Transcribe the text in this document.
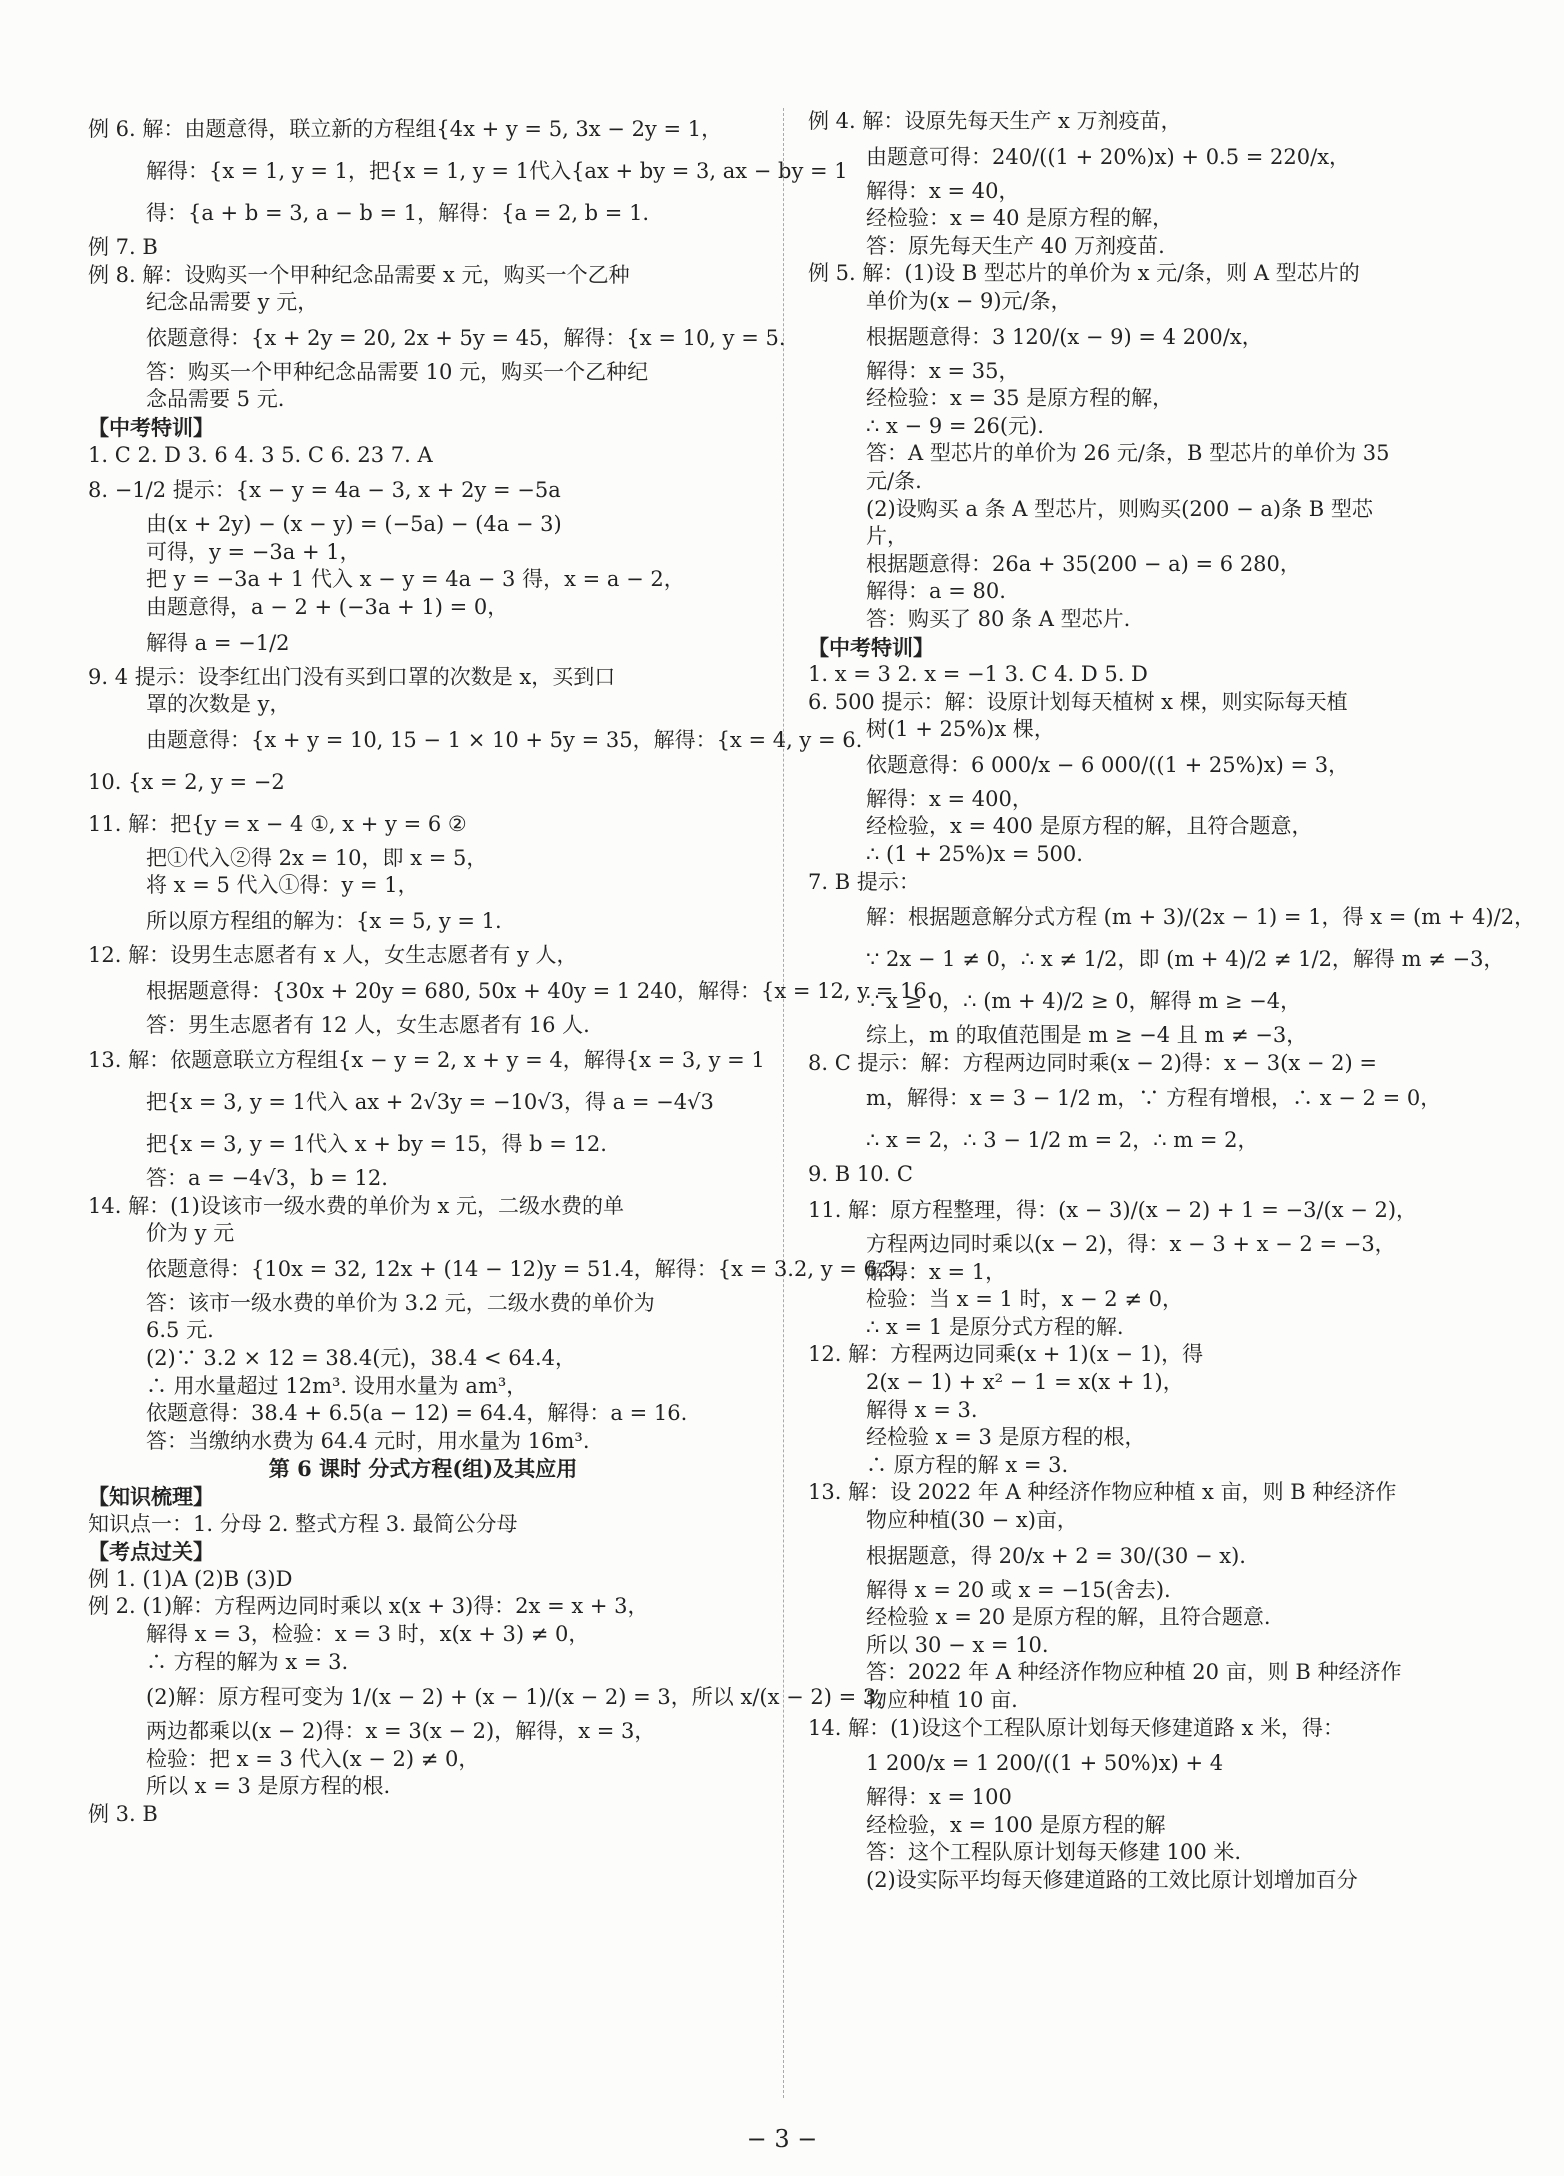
例 6. 解：由题意得，联立新的方程组{4x + y = 5, 3x − 2y = 1，
解得：{x = 1, y = 1，把{x = 1, y = 1代入{ax + by = 3, ax − by = 1
得：{a + b = 3, a − b = 1，解得：{a = 2, b = 1.
例 7. B
例 8. 解：设购买一个甲种纪念品需要 x 元，购买一个乙种
纪念品需要 y 元，
依题意得：{x + 2y = 20, 2x + 5y = 45，解得：{x = 10, y = 5.
答：购买一个甲种纪念品需要 10 元，购买一个乙种纪
念品需要 5 元.
【中考特训】
1. C 2. D 3. 6 4. 3 5. C 6. 23 7. A
8. −1/2 提示：{x − y = 4a − 3, x + 2y = −5a
由(x + 2y) − (x − y) = (−5a) − (4a − 3)
可得，y = −3a + 1，
把 y = −3a + 1 代入 x − y = 4a − 3 得，x = a − 2，
由题意得，a − 2 + (−3a + 1) = 0，
解得 a = −1/2
9. 4 提示：设李红出门没有买到口罩的次数是 x，买到口
罩的次数是 y，
由题意得：{x + y = 10, 15 − 1 × 10 + 5y = 35，解得：{x = 4, y = 6.
10. {x = 2, y = −2
11. 解：把{y = x − 4 ①, x + y = 6 ②
把①代入②得 2x = 10，即 x = 5，
将 x = 5 代入①得：y = 1，
所以原方程组的解为：{x = 5, y = 1.
12. 解：设男生志愿者有 x 人，女生志愿者有 y 人，
根据题意得：{30x + 20y = 680, 50x + 40y = 1 240，解得：{x = 12, y = 16.
答：男生志愿者有 12 人，女生志愿者有 16 人.
13. 解：依题意联立方程组{x − y = 2, x + y = 4，解得{x = 3, y = 1
把{x = 3, y = 1代入 ax + 2√3y = −10√3，得 a = −4√3
把{x = 3, y = 1代入 x + by = 15，得 b = 12.
答：a = −4√3，b = 12.
14. 解：(1)设该市一级水费的单价为 x 元，二级水费的单
价为 y 元
依题意得：{10x = 32, 12x + (14 − 12)y = 51.4，解得：{x = 3.2, y = 6.5.
答：该市一级水费的单价为 3.2 元，二级水费的单价为
6.5 元.
(2)∵ 3.2 × 12 = 38.4(元)，38.4 < 64.4，
∴ 用水量超过 12m³. 设用水量为 am³，
依题意得：38.4 + 6.5(a − 12) = 64.4，解得：a = 16.
答：当缴纳水费为 64.4 元时，用水量为 16m³.
第 6 课时 分式方程(组)及其应用
【知识梳理】
知识点一：1. 分母 2. 整式方程 3. 最简公分母
【考点过关】
例 1. (1)A (2)B (3)D
例 2. (1)解：方程两边同时乘以 x(x + 3)得：2x = x + 3，
解得 x = 3，检验：x = 3 时，x(x + 3) ≠ 0，
∴ 方程的解为 x = 3.
(2)解：原方程可变为 1/(x − 2) + (x − 1)/(x − 2) = 3，所以 x/(x − 2) = 3，
两边都乘以(x − 2)得：x = 3(x − 2)，解得，x = 3，
检验：把 x = 3 代入(x − 2) ≠ 0，
所以 x = 3 是原方程的根.
例 3. B
例 4. 解：设原先每天生产 x 万剂疫苗，
由题意可得：240/((1 + 20%)x) + 0.5 = 220/x，
解得：x = 40，
经检验：x = 40 是原方程的解，
答：原先每天生产 40 万剂疫苗.
例 5. 解：(1)设 B 型芯片的单价为 x 元/条，则 A 型芯片的
单价为(x − 9)元/条，
根据题意得：3 120/(x − 9) = 4 200/x，
解得：x = 35，
经检验：x = 35 是原方程的解，
∴ x − 9 = 26(元).
答：A 型芯片的单价为 26 元/条，B 型芯片的单价为 35
元/条.
(2)设购买 a 条 A 型芯片，则购买(200 − a)条 B 型芯
片，
根据题意得：26a + 35(200 − a) = 6 280，
解得：a = 80.
答：购买了 80 条 A 型芯片.
【中考特训】
1. x = 3 2. x = −1 3. C 4. D 5. D
6. 500 提示：解：设原计划每天植树 x 棵，则实际每天植
树(1 + 25%)x 棵，
依题意得：6 000/x − 6 000/((1 + 25%)x) = 3，
解得：x = 400，
经检验，x = 400 是原方程的解，且符合题意，
∴ (1 + 25%)x = 500.
7. B 提示：
解：根据题意解分式方程 (m + 3)/(2x − 1) = 1，得 x = (m + 4)/2，
∵ 2x − 1 ≠ 0，∴ x ≠ 1/2，即 (m + 4)/2 ≠ 1/2，解得 m ≠ −3，
∵ x ≥ 0，∴ (m + 4)/2 ≥ 0，解得 m ≥ −4，
综上，m 的取值范围是 m ≥ −4 且 m ≠ −3，
8. C 提示：解：方程两边同时乘(x − 2)得：x − 3(x − 2) =
m，解得：x = 3 − 1/2 m，∵ 方程有增根，∴ x − 2 = 0，
∴ x = 2，∴ 3 − 1/2 m = 2，∴ m = 2，
9. B 10. C
11. 解：原方程整理，得：(x − 3)/(x − 2) + 1 = −3/(x − 2)，
方程两边同时乘以(x − 2)，得：x − 3 + x − 2 = −3，
解得：x = 1，
检验：当 x = 1 时，x − 2 ≠ 0，
∴ x = 1 是原分式方程的解.
12. 解：方程两边同乘(x + 1)(x − 1)，得
2(x − 1) + x² − 1 = x(x + 1)，
解得 x = 3.
经检验 x = 3 是原方程的根，
∴ 原方程的解 x = 3.
13. 解：设 2022 年 A 种经济作物应种植 x 亩，则 B 种经济作
物应种植(30 − x)亩，
根据题意，得 20/x + 2 = 30/(30 − x).
解得 x = 20 或 x = −15(舍去).
经检验 x = 20 是原方程的解，且符合题意.
所以 30 − x = 10.
答：2022 年 A 种经济作物应种植 20 亩，则 B 种经济作
物应种植 10 亩.
14. 解：(1)设这个工程队原计划每天修建道路 x 米，得：
1 200/x = 1 200/((1 + 50%)x) + 4
解得：x = 100
经检验，x = 100 是原方程的解
答：这个工程队原计划每天修建 100 米.
(2)设实际平均每天修建道路的工效比原计划增加百分
− 3 −
